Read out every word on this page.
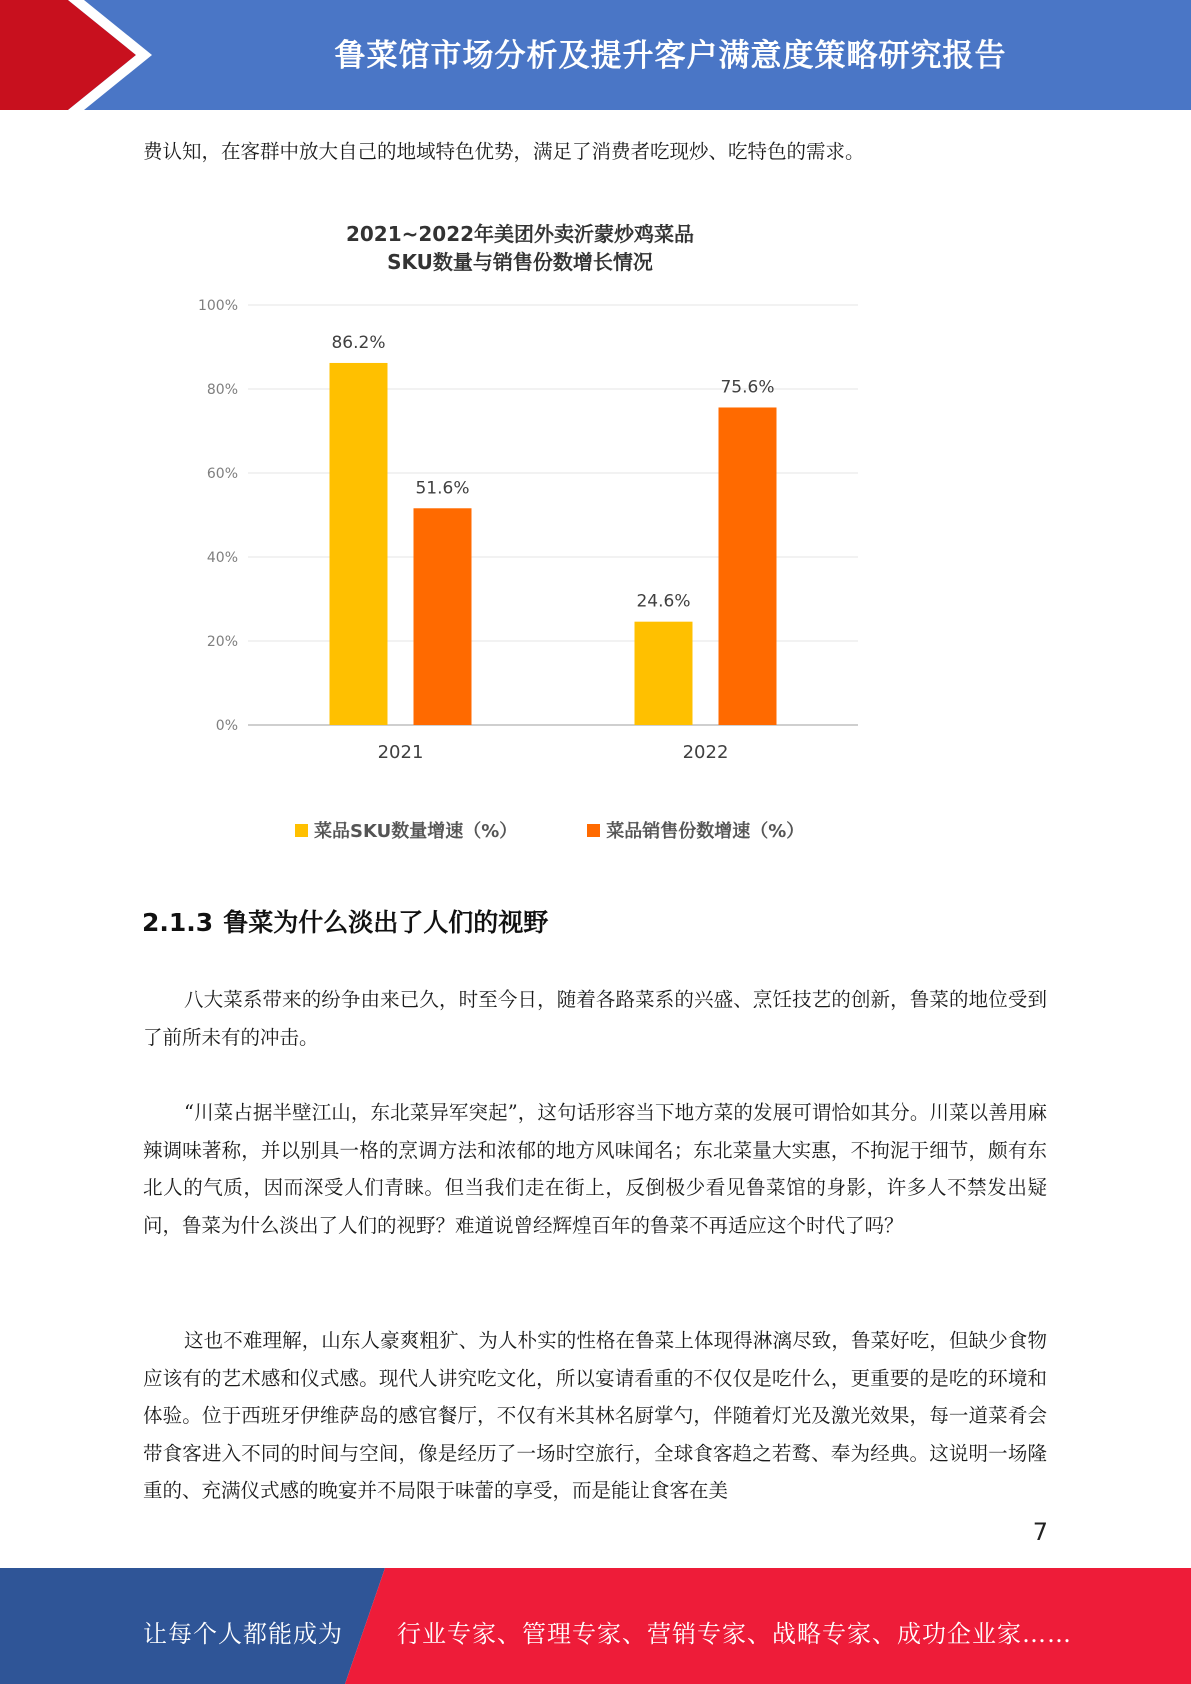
鲁菜馆市场分析及提升客户满意度策略研究报告

费认知，在客群中放大自己的地域特色优势，满足了消费者吃现炒、吃特色的需求。

2021~2022年美团外卖沂蒙炒鸡菜品
SKU数量与销售份数增长情况
0%
20%
40%
60%
80%
100%
86.2%
51.6%
2021
24.6%
75.6%
2022
菜品SKU数量增速（%）	菜品销售份数增速（%）
2.1.3 鲁菜为什么淡出了人们的视野

八大菜系带来的纷争由来已久，时至今日，随着各路菜系的兴盛、烹饪技艺的创新，鲁菜的地位受到了前所未有的冲击。

“川菜占据半壁江山，东北菜异军突起”，这句话形容当下地方菜的发展可谓恰如其分。川菜以善用麻辣调味著称，并以别具一格的烹调方法和浓郁的地方风味闻名；东北菜量大实惠，不拘泥于细节，颇有东北人的气质，因而深受人们青睐。但当我们走在街上，反倒极少看见鲁菜馆的身影，许多人不禁发出疑问，鲁菜为什么淡出了人们的视野？难道说曾经辉煌百年的鲁菜不再适应这个时代了吗？

这也不难理解，山东人豪爽粗犷、为人朴实的性格在鲁菜上体现得淋漓尽致，鲁菜好吃，但缺少食物应该有的艺术感和仪式感。现代人讲究吃文化，所以宴请看重的不仅仅是吃什么，更重要的是吃的环境和体验。位于西班牙伊维萨岛的感官餐厅，不仅有米其林名厨掌勺，伴随着灯光及激光效果，每一道菜肴会带食客进入不同的时间与空间，像是经历了一场时空旅行，全球食客趋之若鹜、奉为经典。这说明一场隆重的、充满仪式感的晚宴并不局限于味蕾的享受，而是能让食客在美

7
让每个人都能成为 行业专家、管理专家、营销专家、战略专家、成功企业家……
